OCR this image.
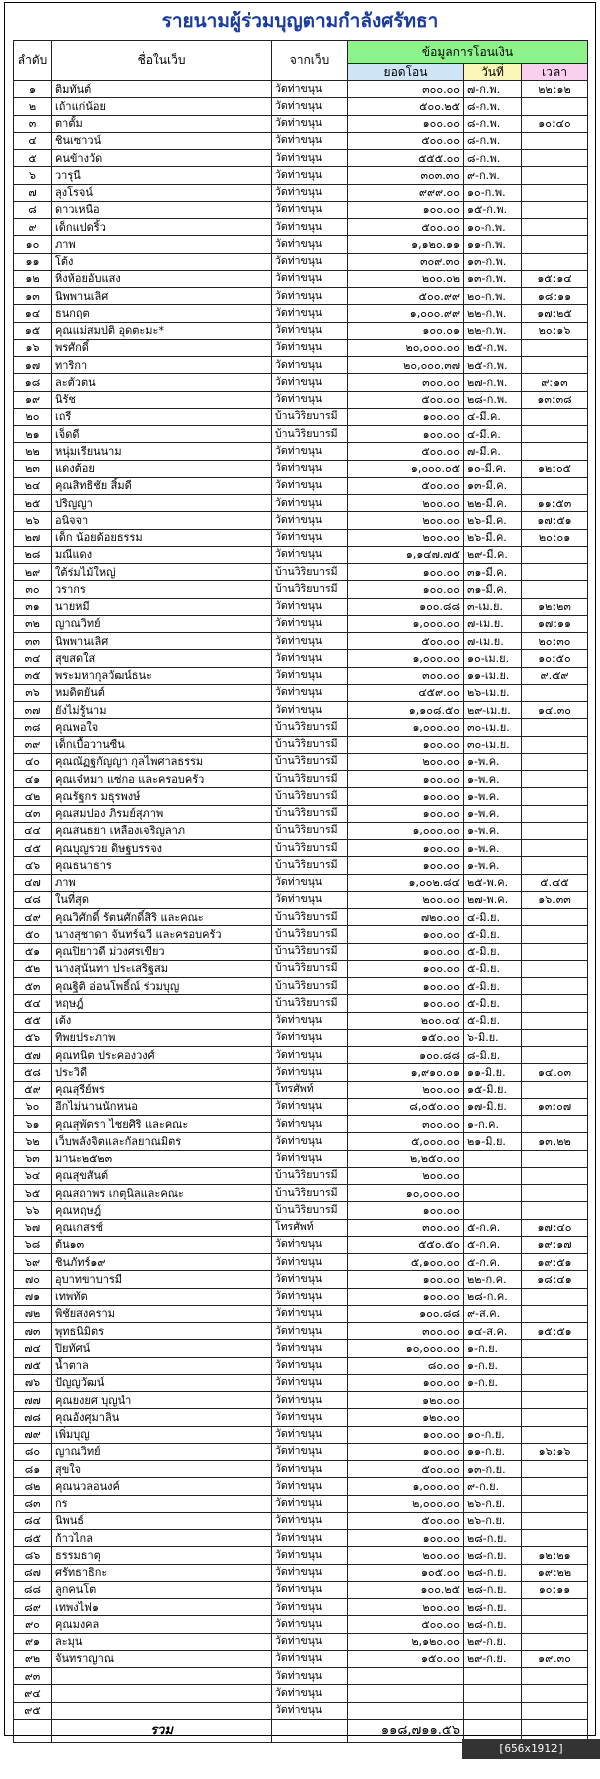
รายนามผู้ร่วมบุญตามกำลังศรัทธา
ลำดับ	ชื่อในเว็บ	จากเว็บ	ข้อมูลการโอนเงิน		
			ยอดโอน	วันที่	เวลา
๑	ติมทันต์	วัดท่าขนุน	๓๐๐.๐๐	๗-ก.พ.	๒๒:๑๒
๒	เถ้าแก่น้อย	วัดท่าขนุน	๕๐๐.๒๕	๘-ก.พ.	
๓	ตาตั้ม	วัดท่าขนุน	๑๐๐.๐๐	๘-ก.พ.	๑๐:๔๐
๔	ชินเซาวน์	วัดท่าขนุน	๕๐๐.๐๐	๘-ก.พ.	
๕	คนข้างวัด	วัดท่าขนุน	๕๕๕.๐๐	๘-ก.พ.	
๖	วารุนี	วัดท่าขนุน	๓๐๓.๓๐	๙-ก.พ.	
๗	ลุงโรจน์	วัดท่าขนุน	๙๙๙.๐๐	๑๐-ก.พ.	
๘	ดาวเหนือ	วัดท่าขนุน	๑๐๐.๐๐	๑๕-ก.พ.	
๙	เด็กแปดริ้ว	วัดท่าขนุน	๕๐๐.๐๐	๑๐-ก.พ.	
๑๐	ภาพ	วัดท่าขนุน	๑,๑๒๐.๑๑	๑๑-ก.พ.	
๑๑	โต้ง	วัดท่าขนุน	๓๐๙.๓๐	๑๓-ก.พ.	
๑๒	หิ่งห้อยอับแสง	วัดท่าขนุน	๒๐๐.๐๒	๑๓-ก.พ.	๑๕:๑๔
๑๓	นิพพานเลิศ	วัดท่าขนุน	๕๐๐.๙๙	๒๐-ก.พ.	๑๘:๑๑
๑๔	ธนกฤต	วัดท่าขนุน	๑,๐๐๐.๙๙	๒๒-ก.พ.	๑๗:๒๕
๑๕	คุณแม่สมปติ อุดตะมะ*	วัดท่าขนุน	๑๐๐.๐๑	๒๒-ก.พ.	๒๐:๑๖
๑๖	พรศักดิ์	วัดท่าขนุน	๒๐,๐๐๐.๐๐	๒๕-ก.พ.	
๑๗	ทาริกา	วัดท่าขนุน	๒๐,๐๐๐.๓๗	๒๕-ก.พ.	
๑๘	ละตัวตน	วัดท่าขนุน	๓๐๐.๐๐	๒๗-ก.พ.	๙:๑๓
๑๙	นิรัช	วัดท่าขนุน	๕๐๐.๐๐	๒๘-ก.พ.	๑๓:๓๘
๒๐	เถรี	บ้านวิริยบารมี	๑๐๐.๐๐	๔-มี.ค.	
๒๑	เจ็ดดี	บ้านวิริยบารมี	๑๐๐.๐๐	๔-มี.ค.	
๒๒	หนุ่มเรียนนาม	วัดท่าขนุน	๕๐๐.๐๐	๗-มี.ค.	
๒๓	แดงต้อย	วัดท่าขนุน	๑,๐๐๐.๐๕	๑๐-มี.ค.	๑๒:๐๕
๒๔	คุณสิทธิชัย สิ้มดี	วัดท่าขนุน	๕๐๐.๐๐	๑๓-มี.ค.	
๒๕	ปริญญา	วัดท่าขนุน	๒๐๐.๐๐	๒๒-มี.ค.	๑๑:๕๓
๒๖	อนิจจา	วัดท่าขนุน	๒๐๐.๐๐	๒๖-มี.ค.	๑๗:๕๑
๒๗	เด็ก น้อยด้อยธรรม	วัดท่าขนุน	๒๐๐.๐๐	๒๖-มี.ค.	๒๐:๐๑
๒๘	มณีแดง	วัดท่าขนุน	๑,๑๔๗.๗๕	๒๙-มี.ค.	
๒๙	ใต้ร่มไม้ใหญ่	บ้านวิริยบารมี	๑๐๐.๐๐	๓๑-มี.ค.	
๓๐	วรากร	บ้านวิริยบารมี	๑๐๐.๐๐	๓๑-มี.ค.	
๓๑	นายหมี	วัดท่าขนุน	๑๐๐.๘๘	๓-เม.ย.	๑๒:๒๓
๓๒	ญาณวิทย์	วัดท่าขนุน	๑,๐๐๐.๐๐	๗-เม.ย.	๑๗:๑๑
๓๓	นิพพานเลิศ	วัดท่าขนุน	๕๐๐.๐๐	๗-เม.ย.	๒๐:๓๐
๓๔	สุขสดใส	วัดท่าขนุน	๑,๐๐๐.๐๐	๑๐-เม.ย.	๑๐:๕๐
๓๕	พระมหากุลวัฒน์ธนะ	วัดท่าขนุน	๓๐๐.๐๐	๑๑-เม.ย.	๙.๕๙
๓๖	หมดิตยันต์	วัดท่าขนุน	๔๕๙.๐๐	๒๖-เม.ย.	
๓๗	ยังไม่รู้นาม	วัดท่าขนุน	๑,๑๐๘.๕๐	๒๙-เม.ย.	๑๔.๓๐
๓๘	คุณพอใจ	บ้านวิริยบารมี	๑,๐๐๐.๐๐	๓๐-เม.ย.	
๓๙	เด็กเบื้อวานซืน	บ้านวิริยบารมี	๑๐๐.๐๐	๓๐-เม.ย.	
๔๐	คุณณัฏฐกัญญา กุลไพศาลธรรม	บ้านวิริยบารมี	๒๐๐.๐๐	๑-พ.ค.	
๔๑	คุณเจ๋หมา แซ่กอ และครอบครัว	บ้านวิริยบารมี	๑๐๐.๐๐	๑-พ.ค.	
๔๒	คุณรัฐกร มธุรพงษ์	บ้านวิริยบารมี	๑๐๐.๐๐	๑-พ.ค.	
๔๓	คุณสมปอง ภิรมย์สุภาพ	บ้านวิริยบารมี	๑๐๐.๐๐	๑-พ.ค.	
๔๔	คุณสนธยา เหลืองเจริญลาภ	บ้านวิริยบารมี	๑,๐๐๐.๐๐	๑-พ.ค.	
๔๕	คุณบุญรวย ดิษฐบรรจง	บ้านวิริยบารมี	๑๐๐.๐๐	๑-พ.ค.	
๔๖	คุณธนาธาร	บ้านวิริยบารมี	๑๐๐.๐๐	๑-พ.ค.	
๔๗	ภาพ	วัดท่าขนุน	๑,๐๐๒.๘๔	๒๕-พ.ค.	๕.๔๕
๔๘	ในที่สุด	วัดท่าขนุน	๒๐๐.๐๐	๒๗-พ.ค.	๑๖.๓๓
๔๙	คุณวิศักดิ์ รัตนศักดิ์สิริ และคณะ	บ้านวิริยบารมี	๗๒๐.๐๐	๔-มิ.ย.	
๕๐	นางสุชาดา จันทร์ฉวี และครอบครัว	บ้านวิริยบารมี	๑๐๐.๐๐	๕-มิ.ย.	
๕๑	คุณปิยาวดี ม่วงศรเขียว	บ้านวิริยบารมี	๑๐๐.๐๐	๕-มิ.ย.	
๕๒	นางสุนันทา ประเสริฐสม	บ้านวิริยบารมี	๑๐๐.๐๐	๕-มิ.ย.	
๕๓	คุณฐิติ อ่อนโพธิ์ณ์ ร่วมบุญ	บ้านวิริยบารมี	๑๐๐.๐๐	๕-มิ.ย.	
๕๔	หฤษฎ์	บ้านวิริยบารมี	๑๐๐.๐๐	๕-มิ.ย.	
๕๕	เต้ง	วัดท่าขนุน	๒๐๐.๐๔	๕-มิ.ย.	
๕๖	ทิพยประภาพ	วัดท่าขนุน	๑๕๐.๐๐	๖-มิ.ย.	
๕๗	คุณทนิต ประคองวงศ์	วัดท่าขนุน	๑๐๐.๘๘	๘-มิ.ย.	
๕๘	ประวิดี	วัดท่าขนุน	๑,๙๑๐.๐๑	๑๑-มิ.ย.	๑๔.๐๓
๕๙	คุณสุรีย์พร	โทรศัพท์	๒๐๐.๐๐	๑๕-มิ.ย.	
๖๐	อีกไม่นานนักหนอ	วัดท่าขนุน	๘,๐๕๐.๐๐	๑๗-มิ.ย.	๑๓:๐๗
๖๑	คุณสุพัตรา ไชยศิริ และคณะ	วัดท่าขนุน	๓๐๐.๐๐	๑-ก.ค.	
๖๒	เว็บพลังจิตและกัลยาณมิตร	วัดท่าขนุน	๕,๐๐๐.๐๐	๒๑-มิ.ย.	๑๓.๒๒
๖๓	มานะ๒๕๒๓	วัดท่าขนุน	๒,๒๕๐.๐๐		
๖๔	คุณสุขสันต์	บ้านวิริยบารมี	๒๐๐.๐๐		
๖๕	คุณสถาพร เกตุนิลและคณะ	บ้านวิริยบารมี	๑๐,๐๐๐.๐๐		
๖๖	คุณหฤษฎ์	บ้านวิริยบารมี	๑๐๐.๐๐		
๖๗	คุณเกสรช์	โทรศัพท์	๓๐๐.๐๐	๕-ก.ค.	๑๗:๔๐
๖๘	ต้น๑๓	วัดท่าขนุน	๕๕๐.๕๐	๕-ก.ค.	๑๙:๑๗
๖๙	ชินภัทร์๑๙	วัดท่าขนุน	๕,๑๐๐.๐๐	๕-ก.ค.	๑๙:๕๑
๗๐	อุบาทขาบารมี	วัดท่าขนุน	๑๐๐.๐๐	๒๒-ก.ค.	๑๘:๔๑
๗๑	เทพทัต	วัดท่าขนุน	๑๐๐.๐๐	๒๘-ก.ค.	
๗๒	พิชัยสงคราม	วัดท่าขนุน	๑๐๐.๘๘	๙-ส.ค.	
๗๓	พุทธนิมิตร	วัดท่าขนุน	๓๐๐.๐๐	๑๔-ส.ค.	๑๕:๕๑
๗๔	ปิยทัศน์	วัดท่าขนุน	๑๐,๐๐๐.๐๐	๑-ก.ย.	
๗๕	น้ำตาล	วัดท่าขนุน	๘๐.๐๐	๑-ก.ย.	
๗๖	ปัญญวัฒน์	วัดท่าขนุน	๑๐๐.๐๐	๑-ก.ย.	
๗๗	คุณยงยศ บุญนำ	วัดท่าขนุน	๑๒๐.๐๐		
๗๘	คุณอังศุมาลิน	วัดท่าขนุน	๑๒๐.๐๐		
๗๙	เพิ่มบุญ	วัดท่าขนุน	๑๐๐.๐๐	๑๐-ก.ย.	
๘๐	ญาณวิทย์	วัดท่าขนุน	๑๐๐.๐๐	๑๑-ก.ย.	๑๖:๑๖
๘๑	สุขใจ	วัดท่าขนุน	๕๐๐.๐๐	๑๓-ก.ย.	
๘๒	คุณนวลอนงค์	วัดท่าขนุน	๑,๐๐๐.๐๐	๙-ก.ย.	
๘๓	กร	วัดท่าขนุน	๒,๐๐๐.๐๐	๒๖-ก.ย.	
๘๔	นิพนธ์	วัดท่าขนุน	๕๐๐.๐๐	๒๖-ก.ย.	
๘๕	ก้าวไกล	วัดท่าขนุน	๑๐๐.๐๐	๒๘-ก.ย.	
๘๖	ธรรมธาตุ	วัดท่าขนุน	๒๐๐.๐๐	๒๘-ก.ย.	๑๒:๒๑
๘๗	ศรัทธาธิกะ	วัดท่าขนุน	๑๐๕.๐๐	๒๘-ก.ย.	๑๙:๒๒
๘๘	ลูกคนโต	วัดท่าขนุน	๑๐๐.๒๕	๒๘-ก.ย.	๑๐:๑๑
๘๙	เทพงไฟ๑	วัดท่าขนุน	๒๐๐.๐๐	๒๘-ก.ย.	
๙๐	คุณมงคล	วัดท่าขนุน	๕๐๐.๐๐	๒๘-ก.ย.	
๙๑	ละมุน	วัดท่าขนุน	๒,๑๒๐.๐๐	๒๙-ก.ย.	
๙๒	จันทราญาณ	วัดท่าขนุน	๑๕๐.๐๐	๒๙-ก.ย.	๑๙.๓๐
๙๓		วัดท่าขนุน			
๙๔		วัดท่าขนุน			
๙๕		วัดท่าขนุน			
	รวม		๑๑๘,๗๑๑.๕๖		
[656x1912] https://upic.me/
